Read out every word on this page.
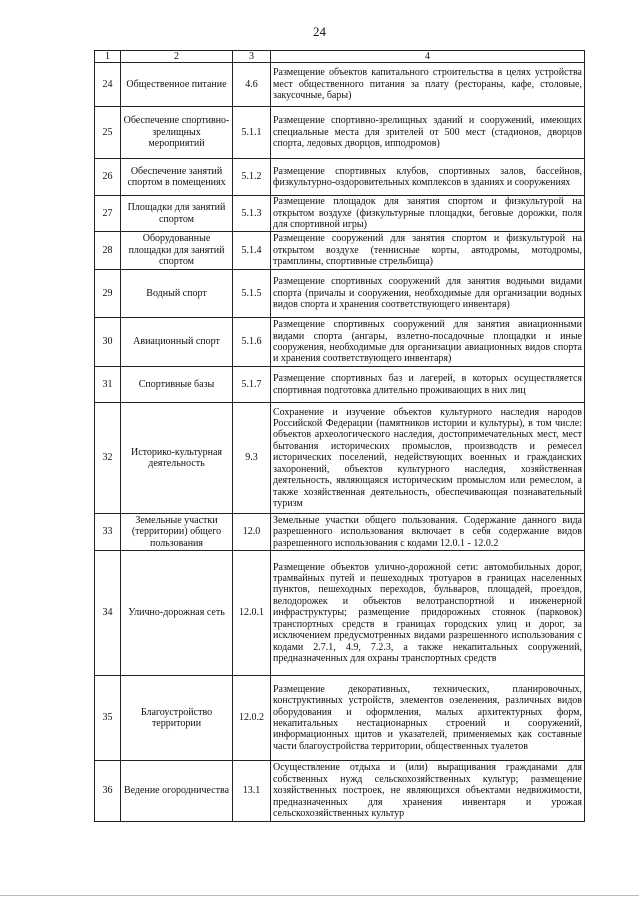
24
1	2	3	4
24	Общественное питание	4.6	Размещение объектов капитального строительства в целях устройства мест общественного питания за плату (рестораны, кафе, столовые, закусочные, бары)
25	Обеспечение спортивно-зрелищных мероприятий	5.1.1	Размещение спортивно-зрелищных зданий и сооружений, имеющих специальные места для зрителей от 500 мест (стадионов, дворцов спорта, ледовых дворцов, ипподромов)
26	Обеспечение занятий спортом в помещениях	5.1.2	Размещение спортивных клубов, спортивных залов, бассейнов, физкультурно-оздоровительных комплексов в зданиях и сооружениях
27	Площадки для занятий спортом	5.1.3	Размещение площадок для занятия спортом и физкультурой на открытом воздухе (физкультурные площадки, беговые дорожки, поля для спортивной игры)
28	Оборудованные площадки для занятий спортом	5.1.4	Размещение сооружений для занятия спортом и физкультурой на открытом воздухе (теннисные корты, автодромы, мотодромы, трамплины, спортивные стрельбища)
29	Водный спорт	5.1.5	Размещение спортивных сооружений для занятия водными видами спорта (причалы и сооружения, необходимые для организации водных видов спорта и хранения соответствующего инвентаря)
30	Авиационный спорт	5.1.6	Размещение спортивных сооружений для занятия авиационными видами спорта (ангары, взлетно-посадочные площадки и иные сооружения, необходимые для организации авиационных видов спорта и хранения соответствующего инвентаря)
31	Спортивные базы	5.1.7	Размещение спортивных баз и лагерей, в которых осуществляется спортивная подготовка длительно проживающих в них лиц
32	Историко-культурная деятельность	9.3	Сохранение и изучение объектов культурного наследия народов Российской Федерации (памятников истории и культуры), в том числе: объектов археологического наследия, достопримечательных мест, мест бытования исторических промыслов, производств и ремесел исторических поселений, недействующих военных и гражданских захоронений, объектов культурного наследия, хозяйственная деятельность, являющаяся историческим промыслом или ремеслом, а также хозяйственная деятельность, обеспечивающая познавательный туризм
33	Земельные участки (территории) общего пользования	12.0	Земельные участки общего пользования. Содержание данного вида разрешенного использования включает в себя содержание видов разрешенного использования с кодами 12.0.1 - 12.0.2
34	Улично-дорожная сеть	12.0.1	Размещение объектов улично-дорожной сети: автомобильных дорог, трамвайных путей и пешеходных тротуаров в границах населенных пунктов, пешеходных переходов, бульваров, площадей, проездов, велодорожек и объектов велотранспортной и инженерной инфраструктуры; размещение придорожных стоянок (парковок) транспортных средств в границах городских улиц и дорог, за исключением предусмотренных видами разрешенного использования с кодами 2.7.1, 4.9, 7.2.3, а также некапитальных сооружений, предназначенных для охраны транспортных средств
35	Благоустройство территории	12.0.2	Размещение декоративных, технических, планировочных, конструктивных устройств, элементов озеленения, различных видов оборудования и оформления, малых архитектурных форм, некапитальных нестационарных строений и сооружений, информационных щитов и указателей, применяемых как составные части благоустройства территории, общественных туалетов
36	Ведение огородничества	13.1	Осуществление отдыха и (или) выращивания гражданами для собственных нужд сельскохозяйственных культур; размещение хозяйственных построек, не являющихся объектами недвижимости, предназначенных для хранения инвентаря и урожая сельскохозяйственных культур
